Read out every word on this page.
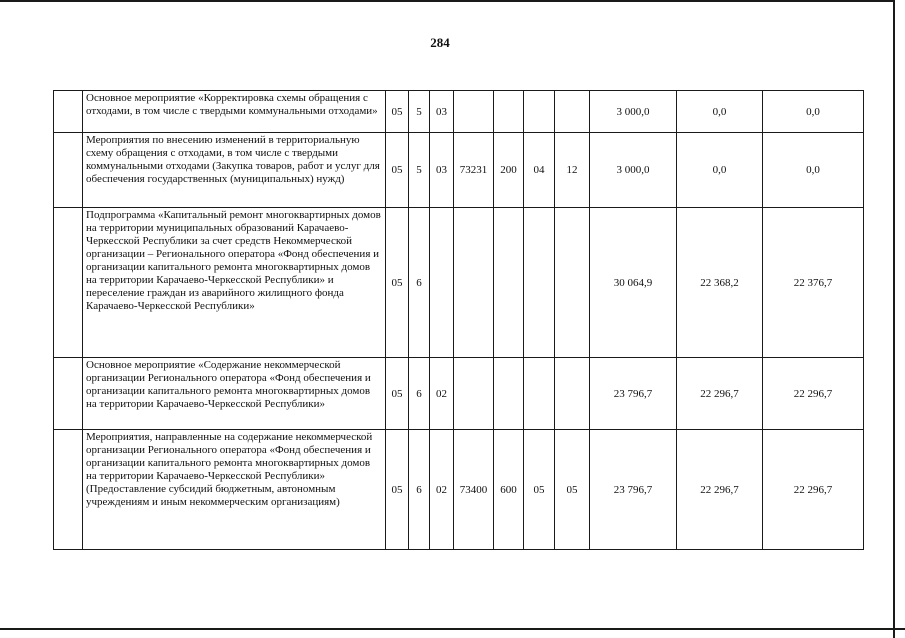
284
	Основное мероприятие «Корректировка схемы обращения с отходами, в том числе с твердыми коммунальными отходами»	05	5	03					3 000,0	0,0	0,0
	Мероприятия по внесению изменений в территориальную схему обращения с отходами, в том числе с твердыми коммунальными отходами (Закупка товаров, работ и услуг для обеспечения государственных (муниципальных) нужд)	05	5	03	73231	200	04	12	3 000,0	0,0	0,0
	Подпрограмма «Капитальный ремонт многоквартирных домов на территории муниципальных образований Карачаево-Черкесской Республики за счет средств Некоммерческой организации – Регионального оператора «Фонд обеспечения и организации капитального ремонта многоквартирных домов на территории Карачаево-Черкесской Республики» и переселение граждан из аварийного жилищного фонда Карачаево-Черкесской Республики»	05	6						30 064,9	22 368,2	22 376,7
	Основное мероприятие «Содержание некоммерческой организации Регионального оператора «Фонд обеспечения и организации капитального ремонта многоквартирных домов на территории Карачаево-Черкесской Республики»	05	6	02					23 796,7	22 296,7	22 296,7
	Мероприятия, направленные на содержание некоммерческой организации Регионального оператора «Фонд обеспечения и организации капитального ремонта многоквартирных домов на территории Карачаево-Черкесской Республики» (Предоставление субсидий бюджетным, автономным учреждениям и иным некоммерческим организациям)	05	6	02	73400	600	05	05	23 796,7	22 296,7	22 296,7
